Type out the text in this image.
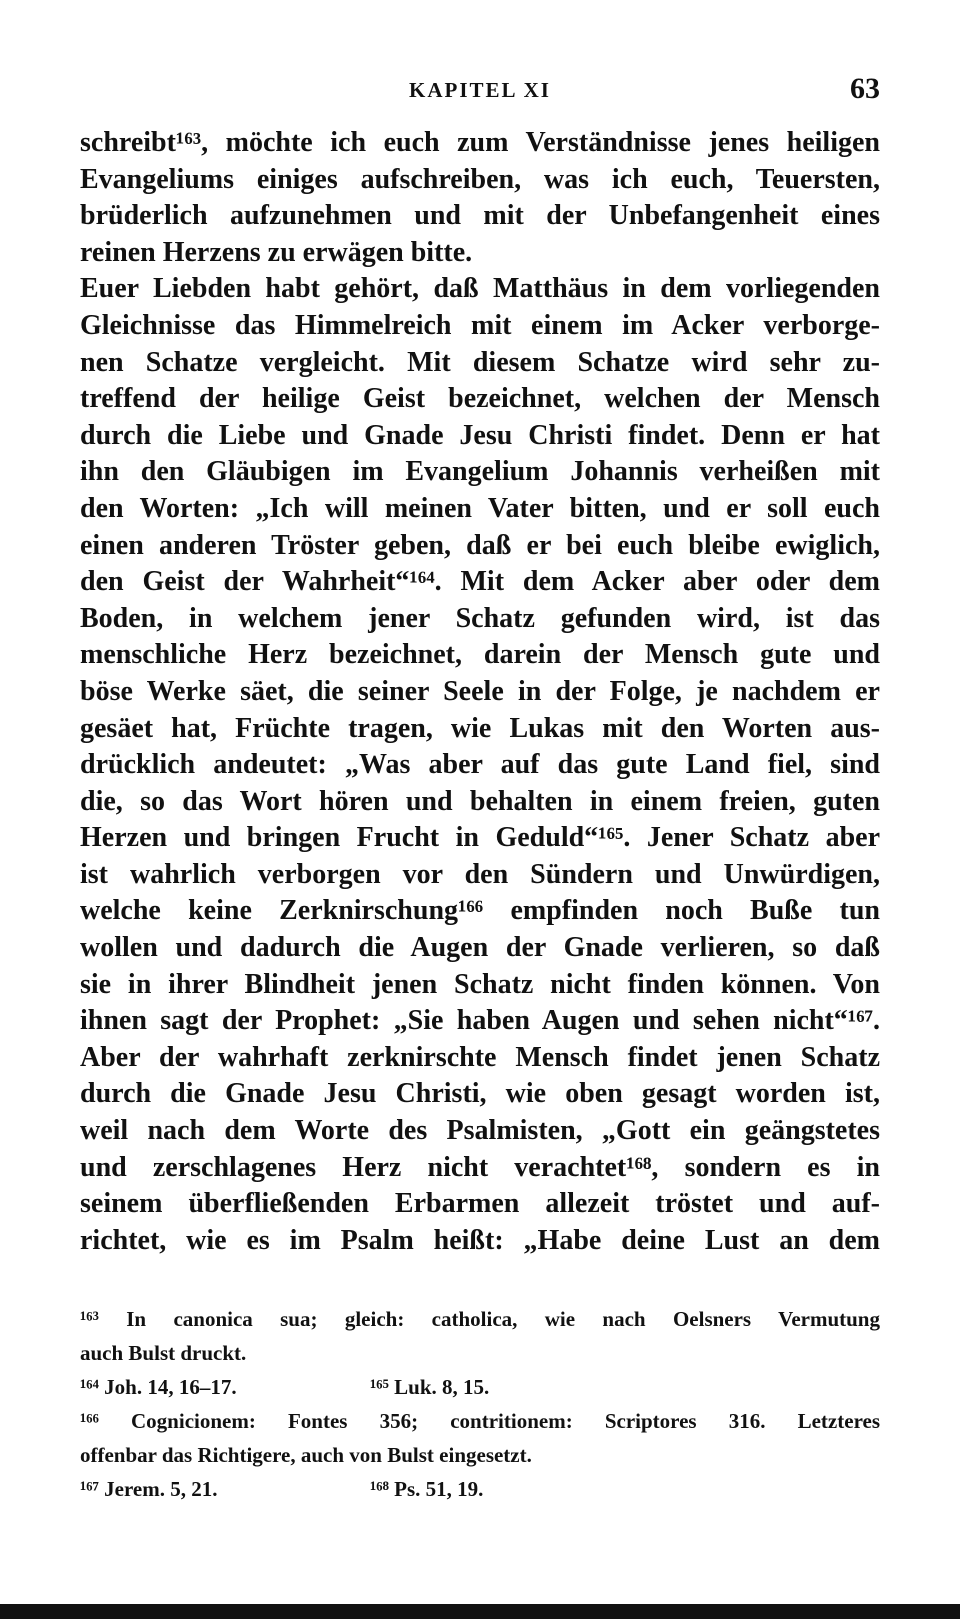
KAPITEL XI	63
schreibt¹⁶³, möchte ich euch zum Verständnisse jenes heiligen
Evangeliums einiges aufschreiben, was ich euch, Teuersten,
brüderlich aufzunehmen und mit der Unbefangenheit eines
reinen Herzens zu erwägen bitte.
Euer Liebden habt gehört, daß Matthäus in dem vorliegenden
Gleichnisse das Himmelreich mit einem im Acker verborge-
nen Schatze vergleicht. Mit diesem Schatze wird sehr zu-
treffend der heilige Geist bezeichnet, welchen der Mensch
durch die Liebe und Gnade Jesu Christi findet. Denn er hat
ihn den Gläubigen im Evangelium Johannis verheißen mit
den Worten: „Ich will meinen Vater bitten, und er soll euch
einen anderen Tröster geben, daß er bei euch bleibe ewiglich,
den Geist der Wahrheit“¹⁶⁴. Mit dem Acker aber oder dem
Boden, in welchem jener Schatz gefunden wird, ist das
menschliche Herz bezeichnet, darein der Mensch gute und
böse Werke säet, die seiner Seele in der Folge, je nachdem er
gesäet hat, Früchte tragen, wie Lukas mit den Worten aus-
drücklich andeutet: „Was aber auf das gute Land fiel, sind
die, so das Wort hören und behalten in einem freien, guten
Herzen und bringen Frucht in Geduld“¹⁶⁵. Jener Schatz aber
ist wahrlich verborgen vor den Sündern und Unwürdigen,
welche keine Zerknirschung¹⁶⁶ empfinden noch Buße tun
wollen und dadurch die Augen der Gnade verlieren, so daß
sie in ihrer Blindheit jenen Schatz nicht finden können. Von
ihnen sagt der Prophet: „Sie haben Augen und sehen nicht“¹⁶⁷.
Aber der wahrhaft zerknirschte Mensch findet jenen Schatz
durch die Gnade Jesu Christi, wie oben gesagt worden ist,
weil nach dem Worte des Psalmisten, „Gott ein geängstetes
und zerschlagenes Herz nicht verachtet¹⁶⁸, sondern es in
seinem überfließenden Erbarmen allezeit tröstet und auf-
richtet, wie es im Psalm heißt: „Habe deine Lust an dem
¹⁶³ In canonica sua; gleich: catholica, wie nach Oelsners Vermutung
auch Bulst druckt.
¹⁶⁴ Joh. 14, 16–17.	¹⁶⁵ Luk. 8, 15.
¹⁶⁶ Cognicionem: Fontes 356; contritionem: Scriptores 316. Letzteres
offenbar das Richtigere, auch von Bulst eingesetzt.
¹⁶⁷ Jerem. 5, 21.	¹⁶⁸ Ps. 51, 19.
